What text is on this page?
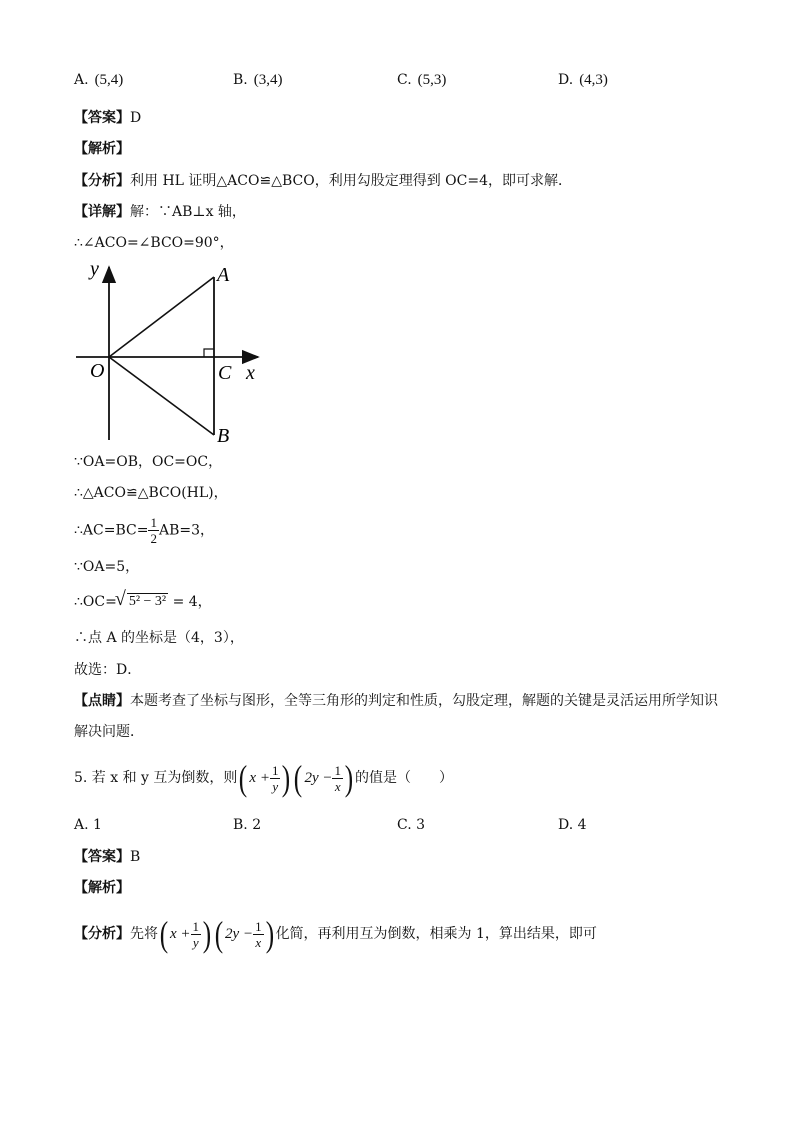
A. (5,4)	B. (3,4)	C. (5,3)	D. (4,3)
【答案】D
【解析】
【分析】利用 HL 证明△ACO≌△BCO，利用勾股定理得到 OC=4，即可求解．
【详解】解：∵AB⊥x 轴，
∴∠ACO=∠BCO=90°，
y
x
O
A
B
C
∵OA=OB，OC=OC，
∴△ACO≌△BCO(HL)，
∴AC=BC= $\frac{1}{2} AB=3$，
∵OA=5，
∴OC=√ 5² − 3² = 4，
∴点 A 的坐标是（4，3），
故选：D．
【点睛】本题考查了坐标与图形，全等三角形的判定和性质，勾股定理，解题的关键是灵活运用所学知识
解决问题．
5. 若 x 和 y 互为倒数，则( $x + \frac{1}{y}$ )( $2y - \frac{1}{x}$ ) 的值是（　　）
A. 1	B. 2	C. 3	D. 4
【答案】B
【解析】
【分析】先将( $x + \frac{1}{y}$ ) ( $2y - \frac{1}{x}$ ) 化简，再利用互为倒数，相乘为 1，算出结果，即可
